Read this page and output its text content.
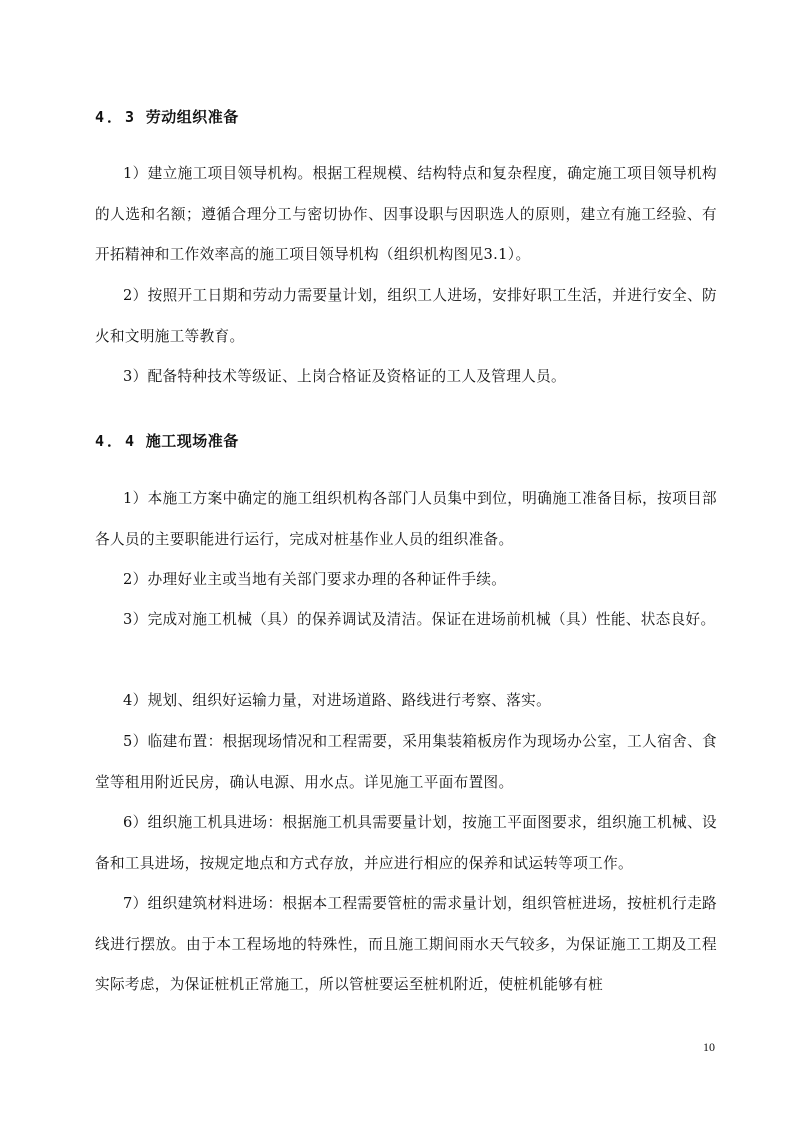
4．3 劳动组织准备

1）建立施工项目领导机构。根据工程规模、结构特点和复杂程度，确定施工项目领导机构的人选和名额；遵循合理分工与密切协作、因事设职与因职选人的原则，建立有施工经验、有开拓精神和工作效率高的施工项目领导机构（组织机构图见3.1）。

2）按照开工日期和劳动力需要量计划，组织工人进场，安排好职工生活，并进行安全、防火和文明施工等教育。

3）配备特种技术等级证、上岗合格证及资格证的工人及管理人员。

4．4 施工现场准备

1）本施工方案中确定的施工组织机构各部门人员集中到位，明确施工准备目标，按项目部各人员的主要职能进行运行，完成对桩基作业人员的组织准备。

2）办理好业主或当地有关部门要求办理的各种证件手续。

3）完成对施工机械（具）的保养调试及清洁。保证在进场前机械（具）性能、状态良好。

4）规划、组织好运输力量，对进场道路、路线进行考察、落实。

5）临建布置：根据现场情况和工程需要，采用集装箱板房作为现场办公室，工人宿舍、食堂等租用附近民房，确认电源、用水点。详见施工平面布置图。

6）组织施工机具进场：根据施工机具需要量计划，按施工平面图要求，组织施工机械、设备和工具进场，按规定地点和方式存放，并应进行相应的保养和试运转等项工作。

7）组织建筑材料进场：根据本工程需要管桩的需求量计划，组织管桩进场，按桩机行走路线进行摆放。由于本工程场地的特殊性，而且施工期间雨水天气较多，为保证施工工期及工程实际考虑，为保证桩机正常施工，所以管桩要运至桩机附近，使桩机能够有桩

10
